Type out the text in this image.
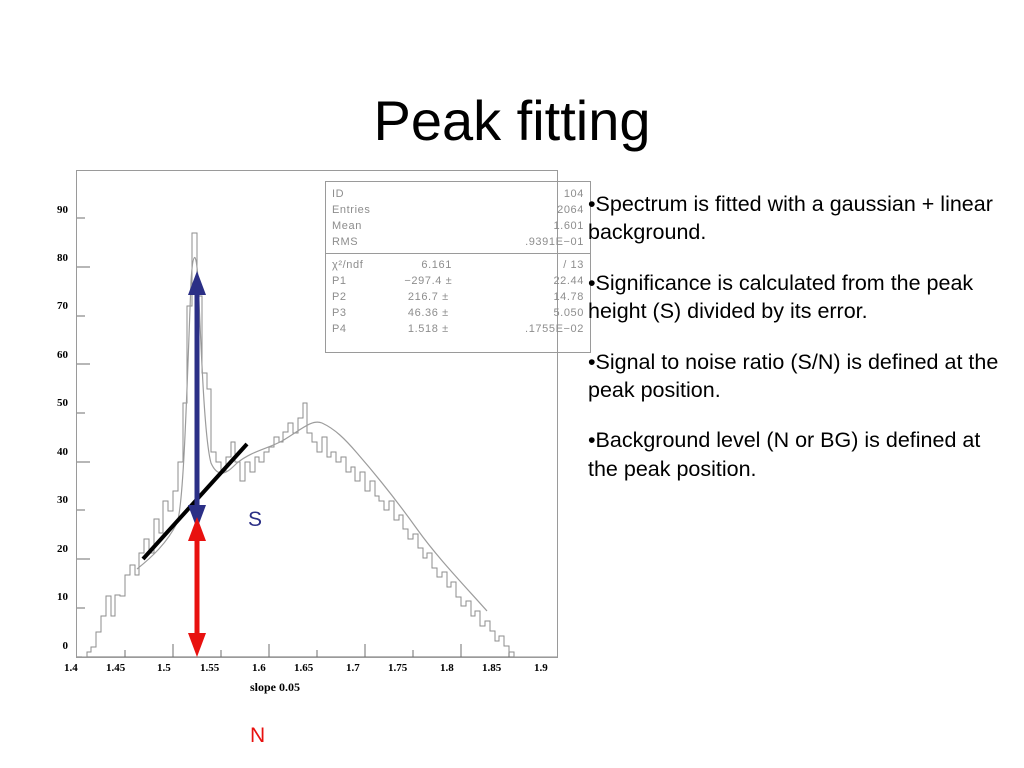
Peak fitting
90
80
70
60
50
40
30
20
10
0
1.4	1.45	1.5	1.55	1.6	1.65	1.7	1.75	1.8	1.85	1.9
ID	104
Entries	2064
Mean	1.601
RMS	.9391E−01
χ²/ndf	6.161	/ 13
P1	−297.4 ±	22.44
P2	216.7 ±	14.78
P3	46.36 ±	5.050
P4	1.518 ±	.1755E−02
S
N
slope 0.05
•Spectrum is fitted with a gaussian + linear background.
•Significance is calculated from the peak height (S) divided by its error.
•Signal to noise ratio (S/N) is defined at the peak position.
•Background level (N or BG) is defined at the peak position.
